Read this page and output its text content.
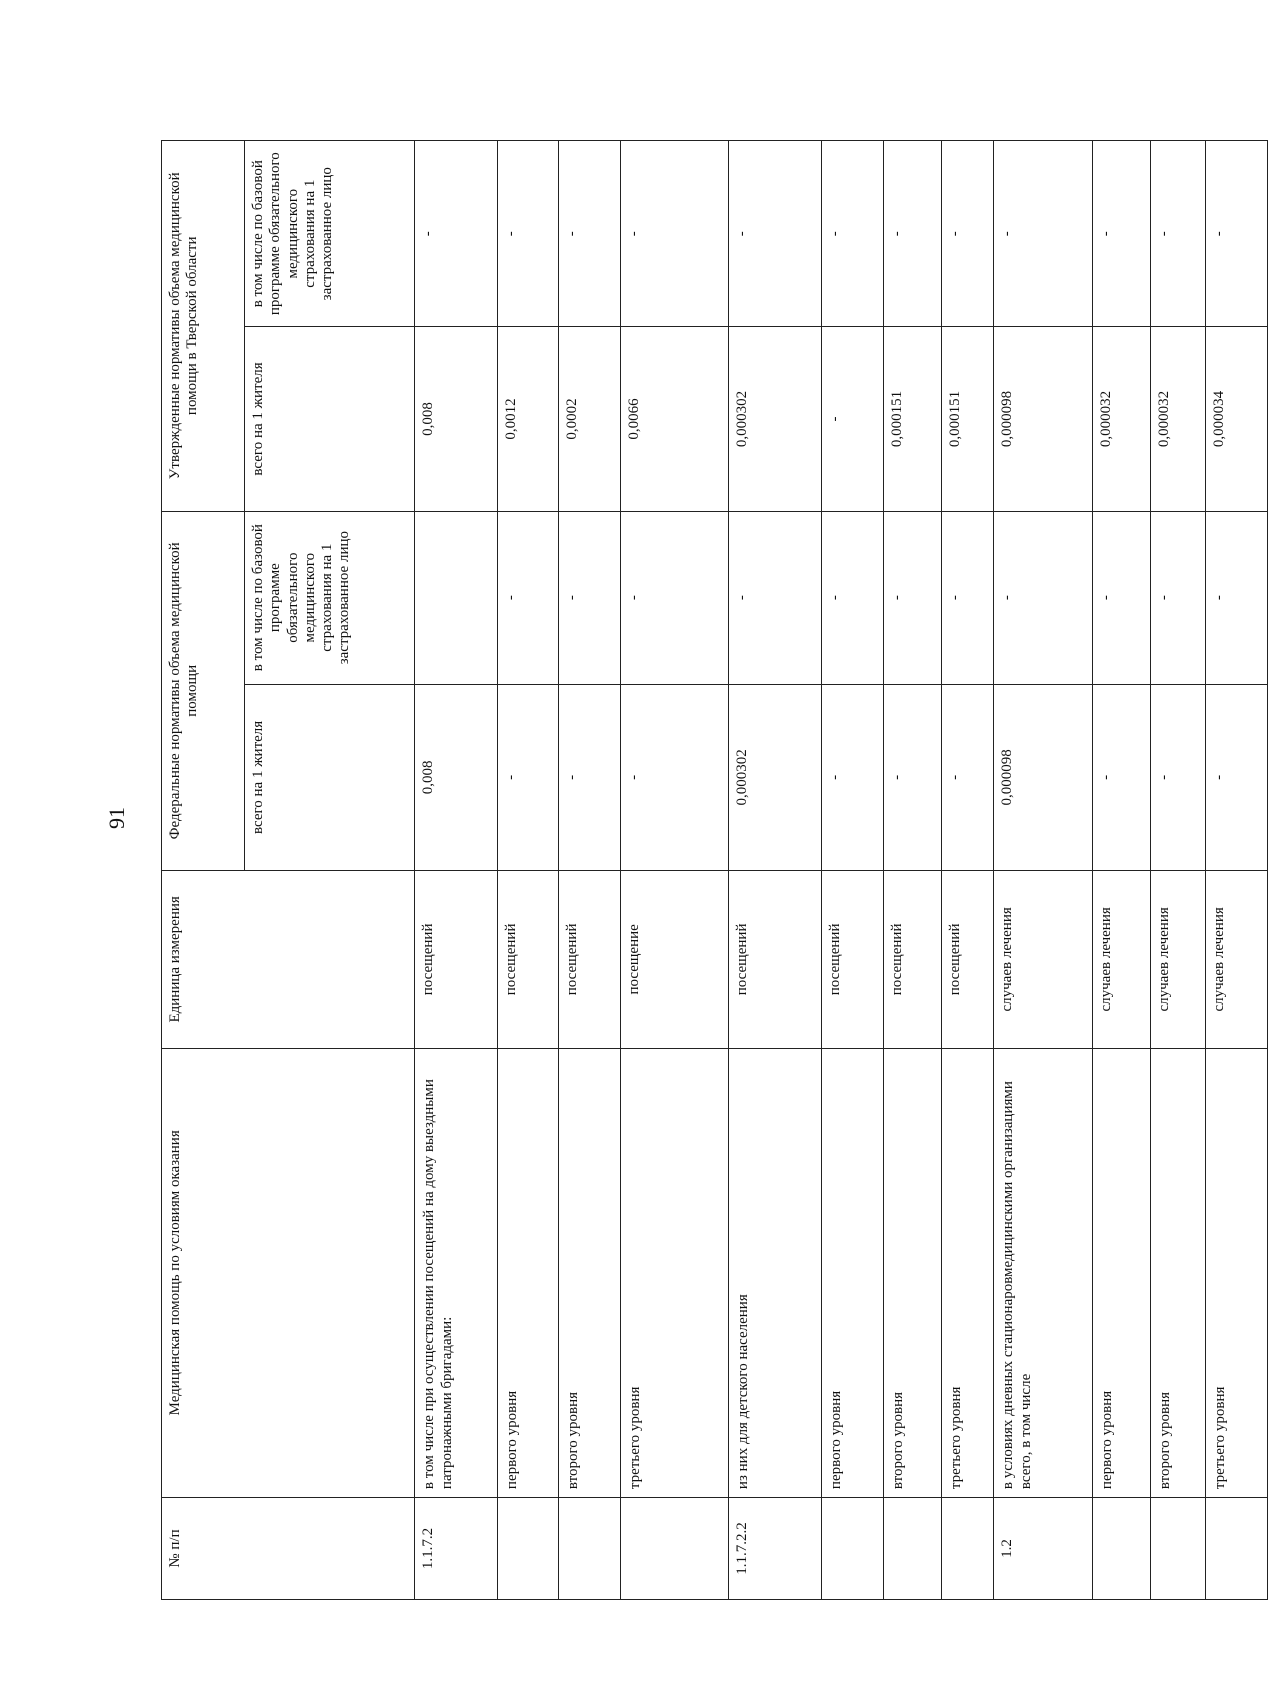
91
№ п/п	Медицинская помощь по условиям оказания	Единица измерения	Федеральные нормативы объема медицинской помощи		Утвержденные нормативы объема медицинской помощи в Тверской области	
			всего на 1 жителя	в том числе по базовой программе обязательного медицинского страхования на 1 застрахованное лицо	всего на 1 жителя	в том числе по базовой программе обязательного медицинского страхования на 1 застрахованное лицо
1.1.7.2	в том числе при осуществлении посещений на дому выездными патронажными бригадами:	посещений	0,008		0,008	-
	первого уровня	посещений	-	-	0,0012	-
	второго уровня	посещений	-	-	0,0002	-
	третьего уровня	посещение	-	-	0,0066	-
1.1.7.2.2	из них для детского населения	посещений	0,000302	-	0,000302	-
	первого уровня	посещений	-	-	-	-
	второго уровня	посещений	-	-	0,000151	-
	третьего уровня	посещений	-	-	0,000151	-
1.2	в условиях дневных стационаровмедицинскими организациями всего, в том числе	случаев лечения	0,000098	-	0,000098	-
	первого уровня	случаев лечения	-	-	0,000032	-
	второго уровня	случаев лечения	-	-	0,000032	-
	третьего уровня	случаев лечения	-	-	0,000034	-
